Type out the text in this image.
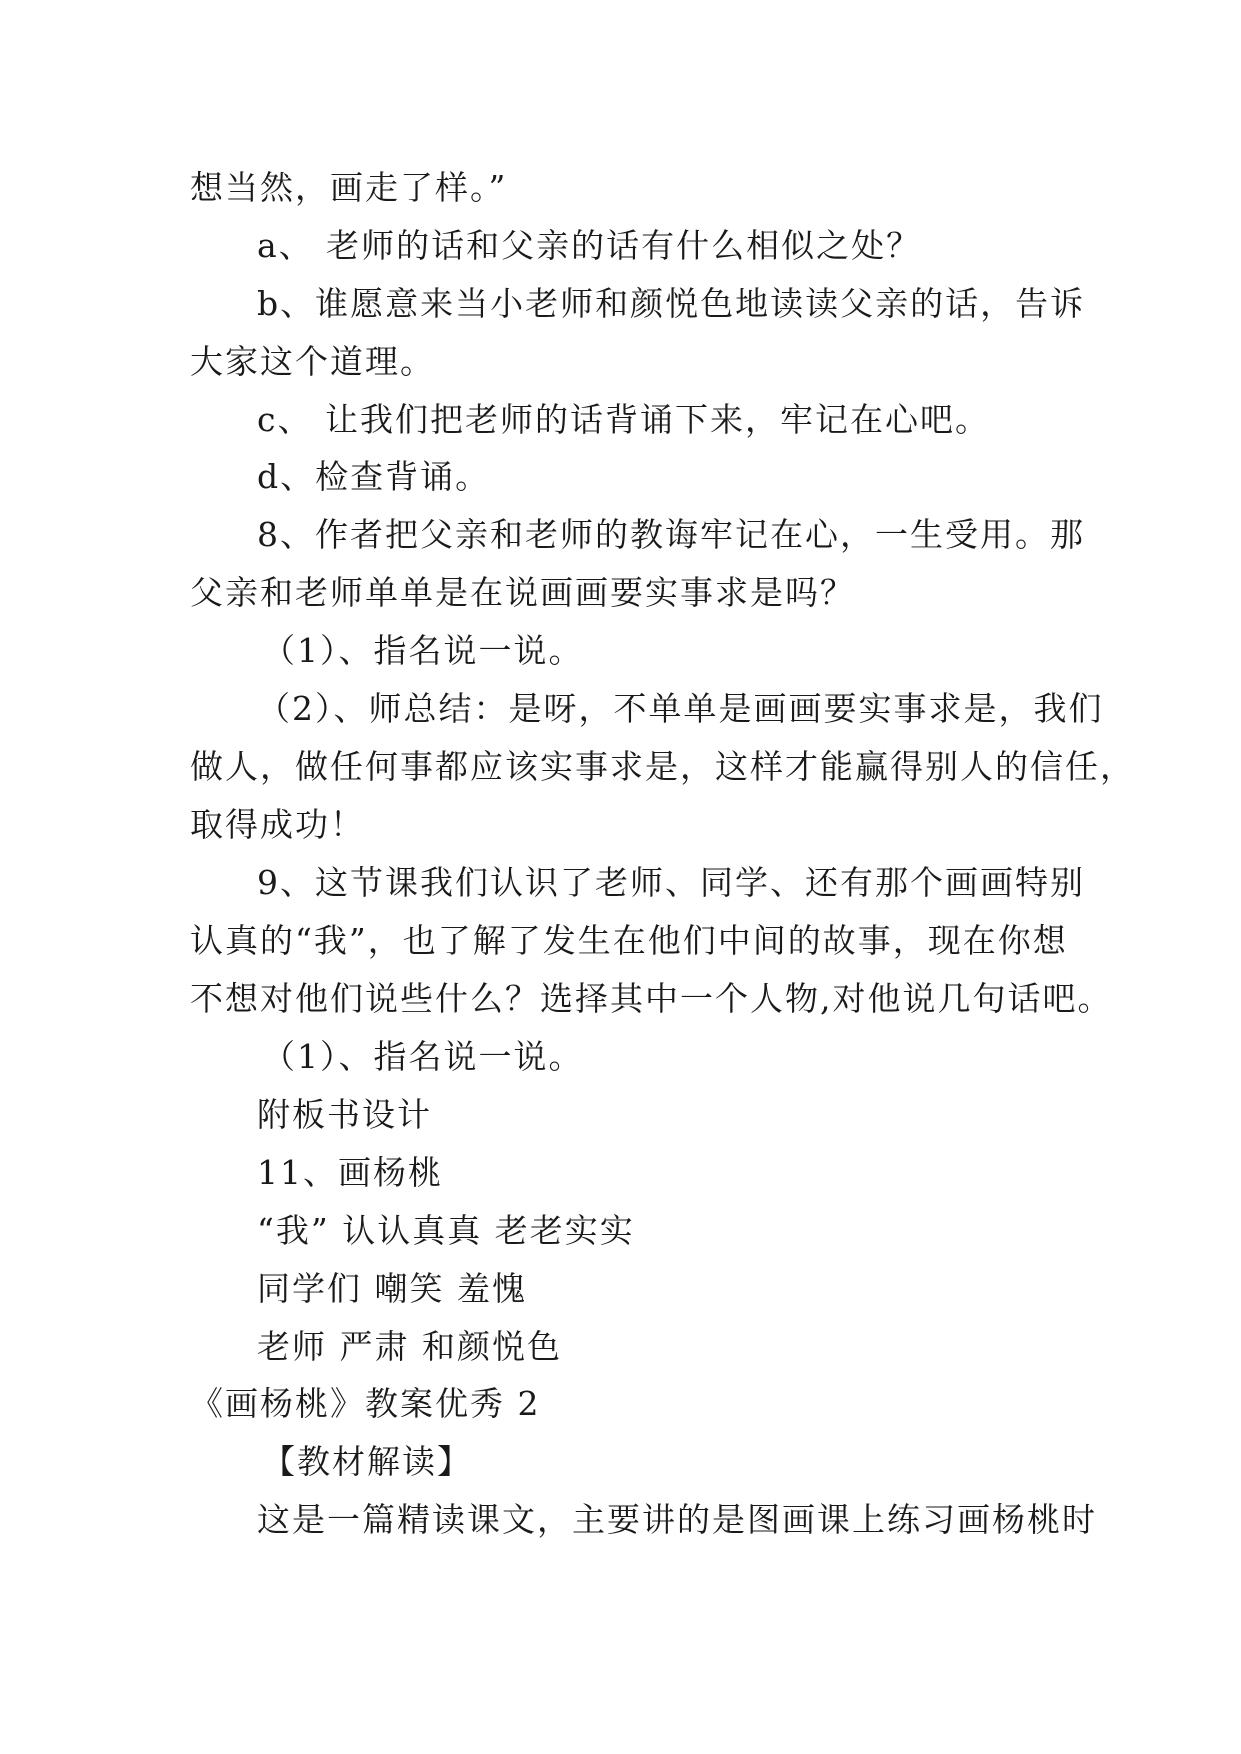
想当然，画走了样。”
a、 老师的话和父亲的话有什么相似之处？
b、谁愿意来当小老师和颜悦色地读读父亲的话，告诉
大家这个道理。
c、 让我们把老师的话背诵下来，牢记在心吧。
d、检查背诵。
8、作者把父亲和老师的教诲牢记在心，一生受用。那
父亲和老师单单是在说画画要实事求是吗？
（1）、指名说一说。
（2）、师总结：是呀，不单单是画画要实事求是，我们
做人，做任何事都应该实事求是，这样才能赢得别人的信任，
取得成功！
9、这节课我们认识了老师、同学、还有那个画画特别
认真的“我”，也了解了发生在他们中间的故事，现在你想
不想对他们说些什么？选择其中一个人物,对他说几句话吧。
（1）、指名说一说。
附板书设计
11、画杨桃
“我” 认认真真 老老实实
同学们 嘲笑 羞愧
老师 严肃 和颜悦色
《画杨桃》教案优秀 2
【教材解读】
这是一篇精读课文，主要讲的是图画课上练习画杨桃时
